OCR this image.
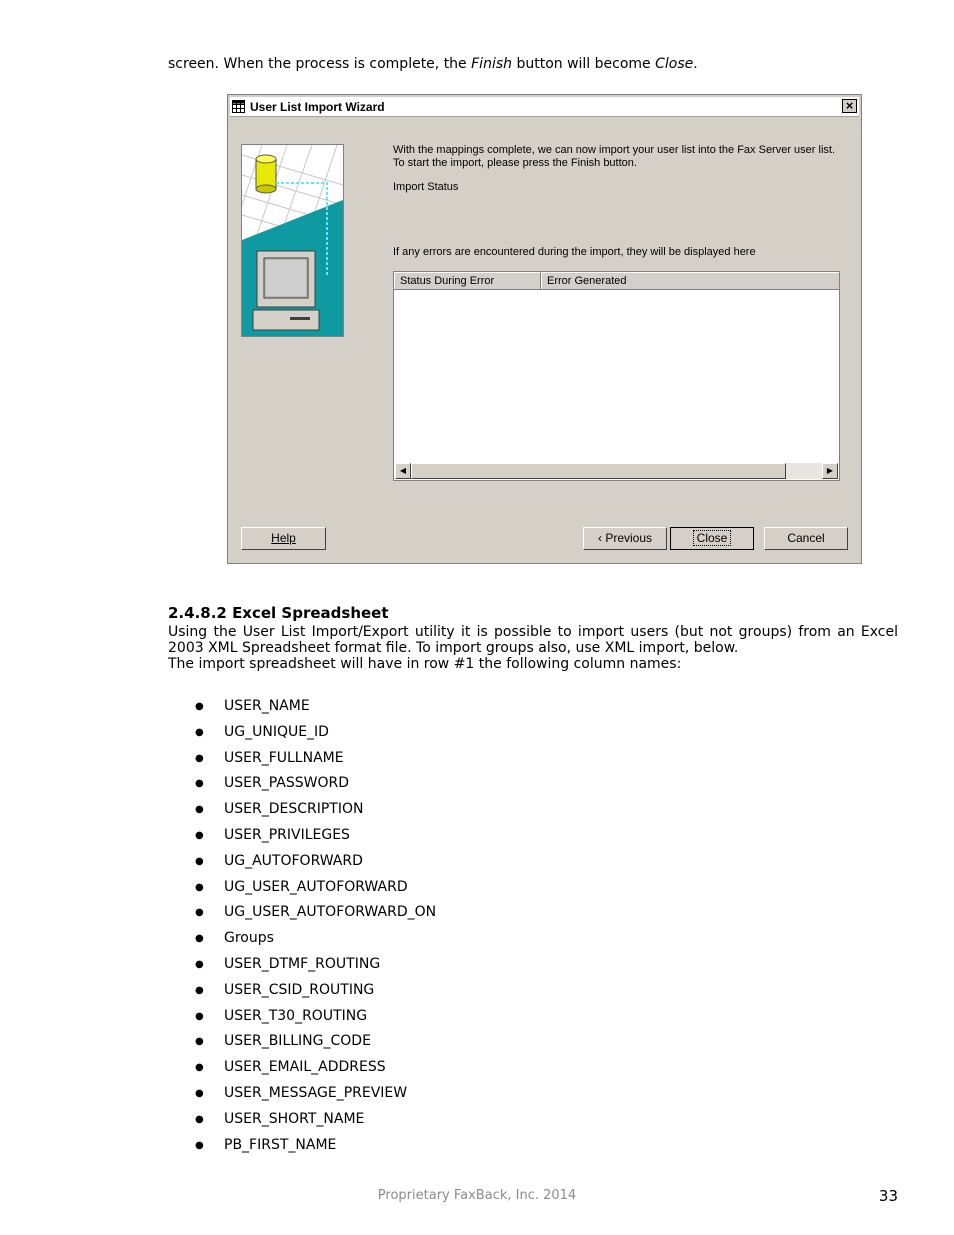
screen. When the process is complete, the Finish button will become Close.
User List Import Wizard	×
With the mappings complete, we can now import your user list into the Fax Server user list.
To start the import, please press the Finish button.
Import Status
If any errors are encountered during the import, they will be displayed here
Status During Error	Error Generated
◀	▶
Help	‹ Previous	Close	Cancel
2.4.8.2 Excel Spreadsheet

Using the User List Import/Export utility it is possible to import users (but not groups) from an Excel 2003 XML Spreadsheet format file. To import groups also, use XML import, below.

The import spreadsheet will have in row #1 the following column names:

● USER_NAME
● UG_UNIQUE_ID
● USER_FULLNAME
● USER_PASSWORD
● USER_DESCRIPTION
● USER_PRIVILEGES
● UG_AUTOFORWARD
● UG_USER_AUTOFORWARD
● UG_USER_AUTOFORWARD_ON
● Groups
● USER_DTMF_ROUTING
● USER_CSID_ROUTING
● USER_T30_ROUTING
● USER_BILLING_CODE
● USER_EMAIL_ADDRESS
● USER_MESSAGE_PREVIEW
● USER_SHORT_NAME
● PB_FIRST_NAME
Proprietary FaxBack, Inc. 2014	33
